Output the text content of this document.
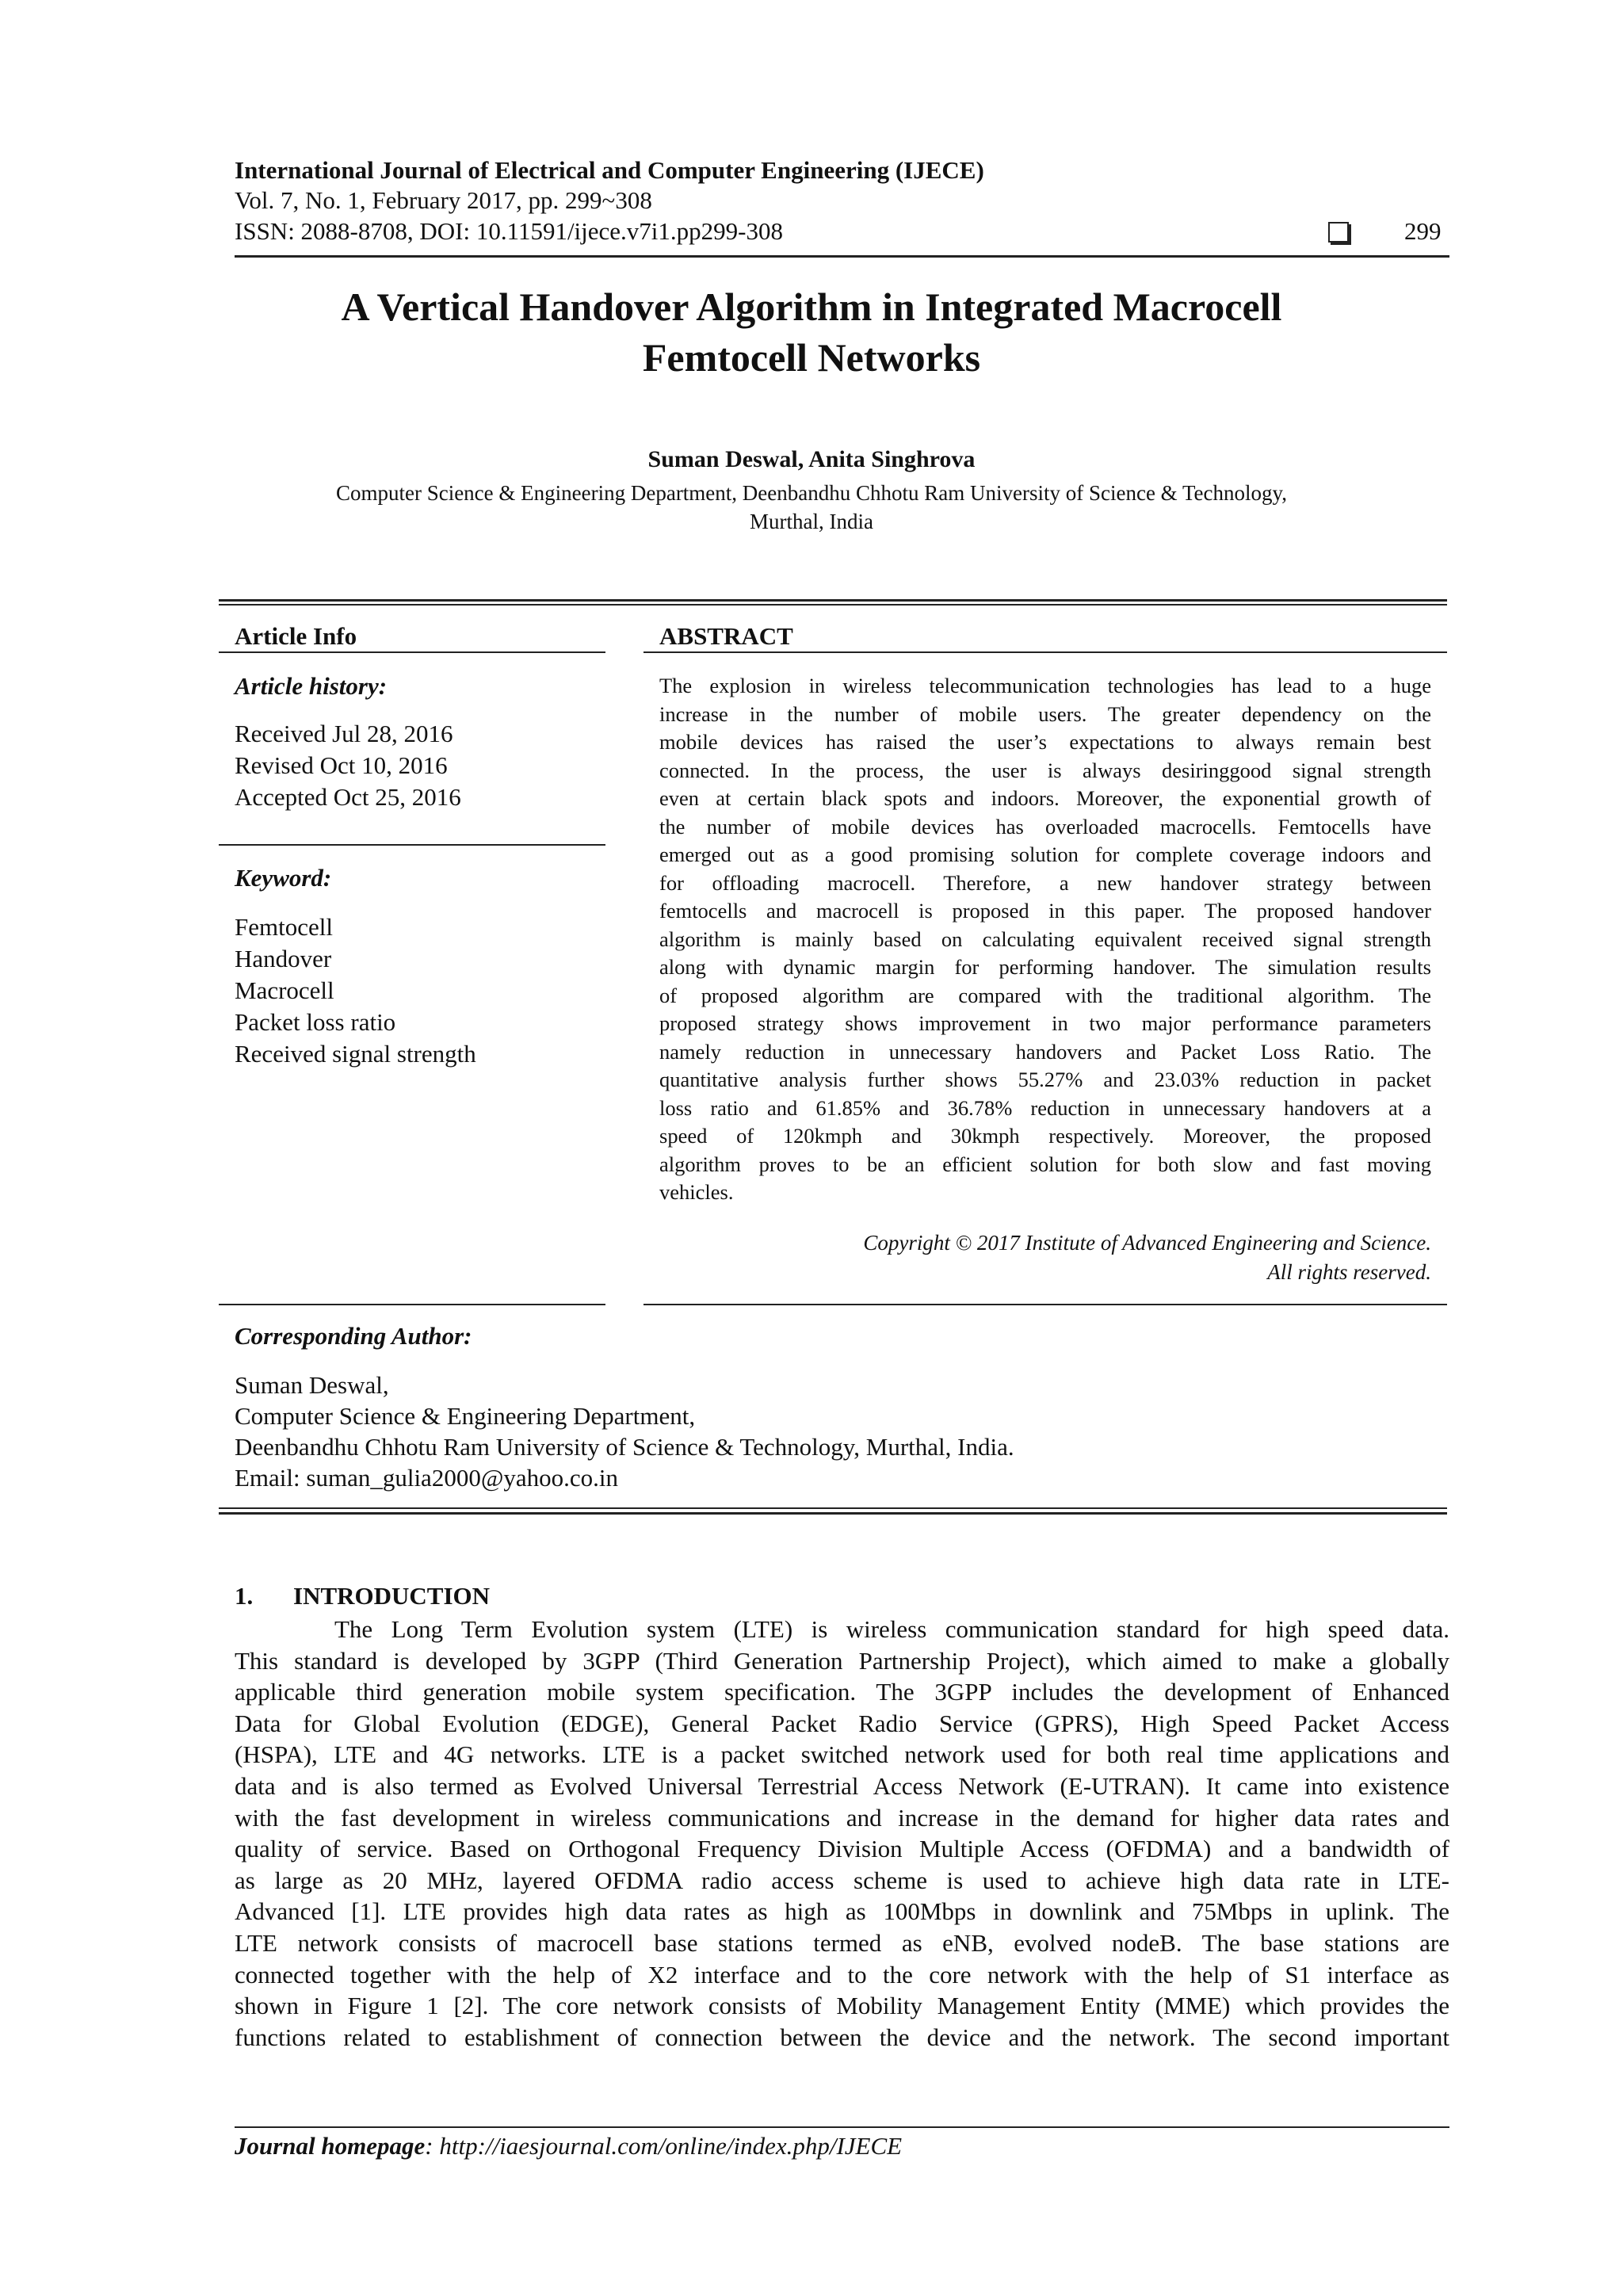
International Journal of Electrical and Computer Engineering (IJECE)
Vol. 7, No. 1, February 2017, pp. 299~308
ISSN: 2088-8708, DOI: 10.11591/ijece.v7i1.pp299-308	299
A Vertical Handover Algorithm in Integrated Macrocell
Femtocell Networks
Suman Deswal, Anita Singhrova
Computer Science & Engineering Department, Deenbandhu Chhotu Ram University of Science & Technology,
Murthal, India
Article Info
Article history:
Received Jul 28, 2016
Revised Oct 10, 2016
Accepted Oct 25, 2016
Keyword:
Femtocell
Handover
Macrocell
Packet loss ratio
Received signal strength
ABSTRACT
The explosion in wireless telecommunication technologies has lead to a huge
increase in the number of mobile users. The greater dependency on the
mobile devices has raised the user’s expectations to always remain best
connected. In the process, the user is always desiringgood signal strength
even at certain black spots and indoors. Moreover, the exponential growth of
the number of mobile devices has overloaded macrocells. Femtocells have
emerged out as a good promising solution for complete coverage indoors and
for offloading macrocell. Therefore, a new handover strategy between
femtocells and macrocell is proposed in this paper. The proposed handover
algorithm is mainly based on calculating equivalent received signal strength
along with dynamic margin for performing handover. The simulation results
of proposed algorithm are compared with the traditional algorithm. The
proposed strategy shows improvement in two major performance parameters
namely reduction in unnecessary handovers and Packet Loss Ratio. The
quantitative analysis further shows 55.27% and 23.03% reduction in packet
loss ratio and 61.85% and 36.78% reduction in unnecessary handovers at a
speed of 120kmph and 30kmph respectively. Moreover, the proposed
algorithm proves to be an efficient solution for both slow and fast moving
vehicles.
Copyright © 2017 Institute of Advanced Engineering and Science.
All rights reserved.
Corresponding Author:
Suman Deswal,
Computer Science & Engineering Department,
Deenbandhu Chhotu Ram University of Science & Technology, Murthal, India.
Email: suman_gulia2000@yahoo.co.in
1. INTRODUCTION
The Long Term Evolution system (LTE) is wireless communication standard for high speed data.
This standard is developed by 3GPP (Third Generation Partnership Project), which aimed to make a globally
applicable third generation mobile system specification. The 3GPP includes the development of Enhanced
Data for Global Evolution (EDGE), General Packet Radio Service (GPRS), High Speed Packet Access
(HSPA), LTE and 4G networks. LTE is a packet switched network used for both real time applications and
data and is also termed as Evolved Universal Terrestrial Access Network (E-UTRAN). It came into existence
with the fast development in wireless communications and increase in the demand for higher data rates and
quality of service. Based on Orthogonal Frequency Division Multiple Access (OFDMA) and a bandwidth of
as large as 20 MHz, layered OFDMA radio access scheme is used to achieve high data rate in LTE-
Advanced [1]. LTE provides high data rates as high as 100Mbps in downlink and 75Mbps in uplink. The
LTE network consists of macrocell base stations termed as eNB, evolved nodeB. The base stations are
connected together with the help of X2 interface and to the core network with the help of S1 interface as
shown in Figure 1 [2]. The core network consists of Mobility Management Entity (MME) which provides the
functions related to establishment of connection between the device and the network. The second important
Journal homepage: http://iaesjournal.com/online/index.php/IJECE
